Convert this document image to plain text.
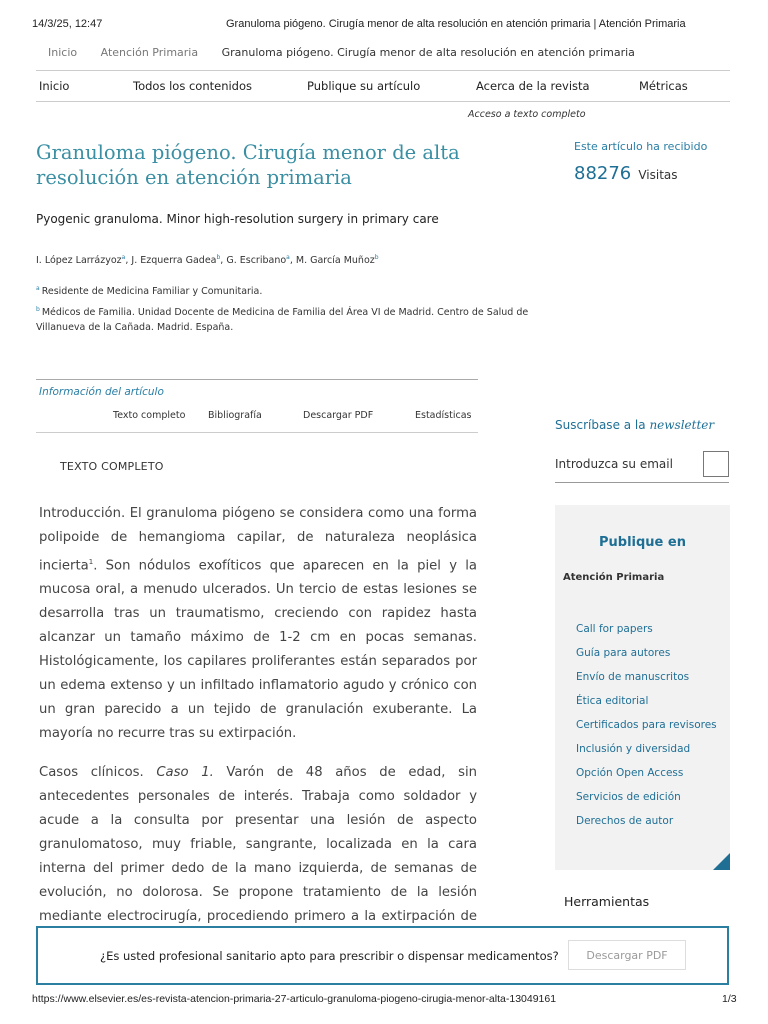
14/3/25, 12:47	Granuloma piógeno. Cirugía menor de alta resolución en atención primaria | Atención Primaria
Inicio Atención Primaria Granuloma piógeno. Cirugía menor de alta resolución en atención primaria
Inicio	Todos los contenidos	Publique su artículo	Acerca de la revista	Métricas
Acceso a texto completo
Granuloma piógeno. Cirugía menor de alta resolución en atención primaria
Este artículo ha recibido
88276 Visitas
Pyogenic granuloma. Minor high-resolution surgery in primary care
I. López Larrázyoz$^a$, J. Ezquerra Gadea$^b$, G. Escribano$^a$, M. García Muñoz$^b$
$^a$ Residente de Medicina Familiar y Comunitaria.
$^b$ Médicos de Familia. Unidad Docente de Medicina de Familia del Área VI de Madrid. Centro de Salud de Villanueva de la Cañada. Madrid. España.
Información del artículo
Texto completo Bibliografía	Descargar PDF	Estadísticas
TEXTO COMPLETO

Introducción. El granuloma piógeno se considera como una forma polipoide de hemangioma capilar, de naturaleza neoplásica incierta$^1$. Son nódulos exofíticos que aparecen en la piel y la mucosa oral, a menudo ulcerados. Un tercio de estas lesiones se desarrolla tras un traumatismo, creciendo con rapidez hasta alcanzar un tamaño máximo de 1-2 cm en pocas semanas. Histológicamente, los capilares proliferantes están separados por un edema extenso y un infiltado inflamatorio agudo y crónico con un gran parecido a un tejido de granulación exuberante. La mayoría no recurre tras su extirpación.

Casos clínicos. Caso 1. Varón de 48 años de edad, sin antecedentes personales de interés. Trabaja como soldador y acude a la consulta por presentar una lesión de aspecto granulomatoso, muy friable, sangrante, localizada en la cara interna del primer dedo de la mano izquierda, de semanas de evolución, no dolorosa. Se propone tratamiento de la lesión mediante electrocirugía, procediendo primero a la extirpación de

Suscríbase a la newsletter
Introduzca su email
Publique en
Atención Primaria
Call for papers
Guía para autores
Envío de manuscritos
Ética editorial
Certificados para revisores
Inclusión y diversidad
Opción Open Access
Servicios de edición
Derechos de autor
Herramientas
¿Es usted profesional sanitario apto para prescribir o dispensar medicamentos?	Descargar PDF
https://www.elsevier.es/es-revista-atencion-primaria-27-articulo-granuloma-piogeno-cirugia-menor-alta-13049161	1/3
